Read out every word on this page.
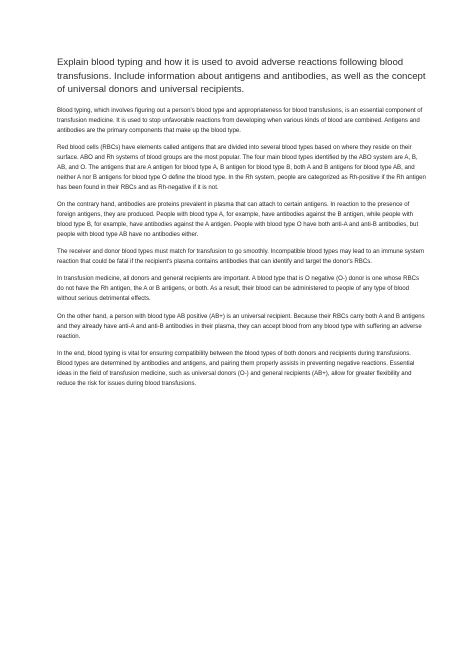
Explain blood typing and how it is used to avoid adverse reactions following blood transfusions. Include information about antigens and antibodies, as well as the concept of universal donors and universal recipients.

Blood typing, which involves figuring out a person's blood type and appropriateness for blood transfusions, is an essential component of transfusion medicine. It is used to stop unfavorable reactions from developing when various kinds of blood are combined. Antigens and antibodies are the primary components that make up the blood type.

Red blood cells (RBCs) have elements called antigens that are divided into several blood types based on where they reside on their surface. ABO and Rh systems of blood groups are the most popular. The four main blood types identified by the ABO system are A, B, AB, and O. The antigens that are A antigen for blood type A, B antigen for blood type B, both A and B antigens for blood type AB, and neither A nor B antigens for blood type O define the blood type. In the Rh system, people are categorized as Rh-positive if the Rh antigen has been found in their RBCs and as Rh-negative if it is not.

On the contrary hand, antibodies are proteins prevalent in plasma that can attach to certain antigens. In reaction to the presence of foreign antigens, they are produced. People with blood type A, for example, have antibodies against the B antigen, while people with blood type B, for example, have antibodies against the A antigen. People with blood type O have both anti-A and anti-B antibodies, but people with blood type AB have no antibodies either.

The receiver and donor blood types must match for transfusion to go smoothly. Incompatible blood types may lead to an immune system reaction that could be fatal if the recipient's plasma contains antibodies that can identify and target the donor's RBCs.

In transfusion medicine, all donors and general recipients are important. A blood type that is O negative (O-) donor is one whose RBCs do not have the Rh antigen, the A or B antigens, or both. As a result, their blood can be administered to people of any type of blood without serious detrimental effects.

On the other hand, a person with blood type AB positive (AB+) is an universal recipient. Because their RBCs carry both A and B antigens and they already have anti-A and anti-B antibodies in their plasma, they can accept blood from any blood type with suffering an adverse reaction.

In the end, blood typing is vital for ensuring compatibility between the blood types of both donors and recipients during transfusions. Blood types are determined by antibodies and antigens, and pairing them properly assists in preventing negative reactions. Essential ideas in the field of transfusion medicine, such as universal donors (O-) and general recipients (AB+), allow for greater flexibility and reduce the risk for issues during blood transfusions.
